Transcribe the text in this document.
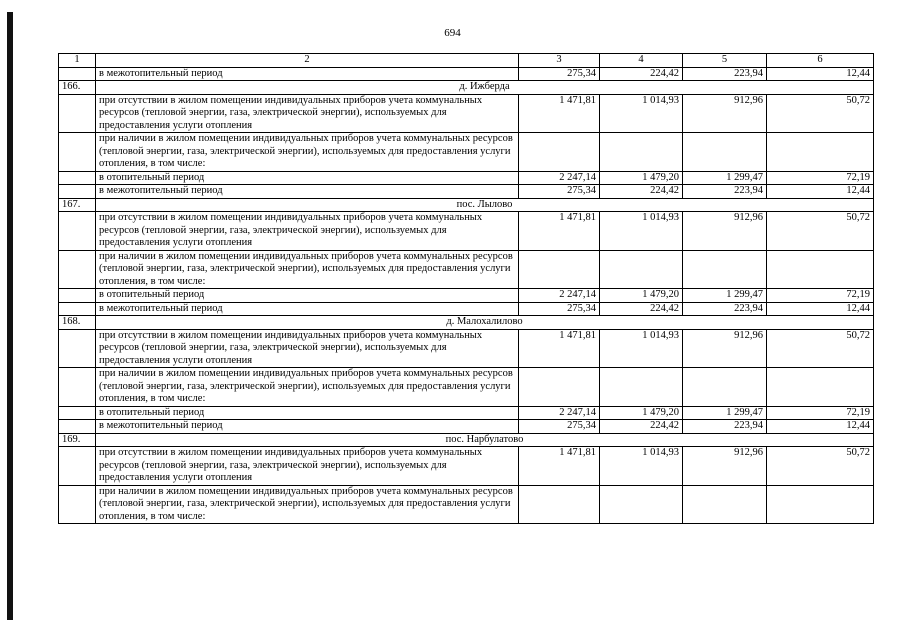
694
1	2	3	4	5	6
	в межотопительный период	275,34	224,42	223,94	12,44
166.	д. Ижберда				
	при отсутствии в жилом помещении индивидуальных приборов учета коммунальных ресурсов (тепловой энергии, газа, электрической энергии), используемых для предоставления услуги отопления	1 471,81	1 014,93	912,96	50,72
	при наличии в жилом помещении индивидуальных приборов учета коммунальных ресурсов (тепловой энергии, газа, электрической энергии), используемых для предоставления услуги отопления, в том числе:				
	в отопительный период	2 247,14	1 479,20	1 299,47	72,19
	в межотопительный период	275,34	224,42	223,94	12,44
167.	пос. Лылово				
	при отсутствии в жилом помещении индивидуальных приборов учета коммунальных ресурсов (тепловой энергии, газа, электрической энергии), используемых для предоставления услуги отопления	1 471,81	1 014,93	912,96	50,72
	при наличии в жилом помещении индивидуальных приборов учета коммунальных ресурсов (тепловой энергии, газа, электрической энергии), используемых для предоставления услуги отопления, в том числе:				
	в отопительный период	2 247,14	1 479,20	1 299,47	72,19
	в межотопительный период	275,34	224,42	223,94	12,44
168.	д. Малохалилово				
	при отсутствии в жилом помещении индивидуальных приборов учета коммунальных ресурсов (тепловой энергии, газа, электрической энергии), используемых для предоставления услуги отопления	1 471,81	1 014,93	912,96	50,72
	при наличии в жилом помещении индивидуальных приборов учета коммунальных ресурсов (тепловой энергии, газа, электрической энергии), используемых для предоставления услуги отопления, в том числе:				
	в отопительный период	2 247,14	1 479,20	1 299,47	72,19
	в межотопительный период	275,34	224,42	223,94	12,44
169.	пос. Нарбулатово				
	при отсутствии в жилом помещении индивидуальных приборов учета коммунальных ресурсов (тепловой энергии, газа, электрической энергии), используемых для предоставления услуги отопления	1 471,81	1 014,93	912,96	50,72
	при наличии в жилом помещении индивидуальных приборов учета коммунальных ресурсов (тепловой энергии, газа, электрической энергии), используемых для предоставления услуги отопления, в том числе:				
